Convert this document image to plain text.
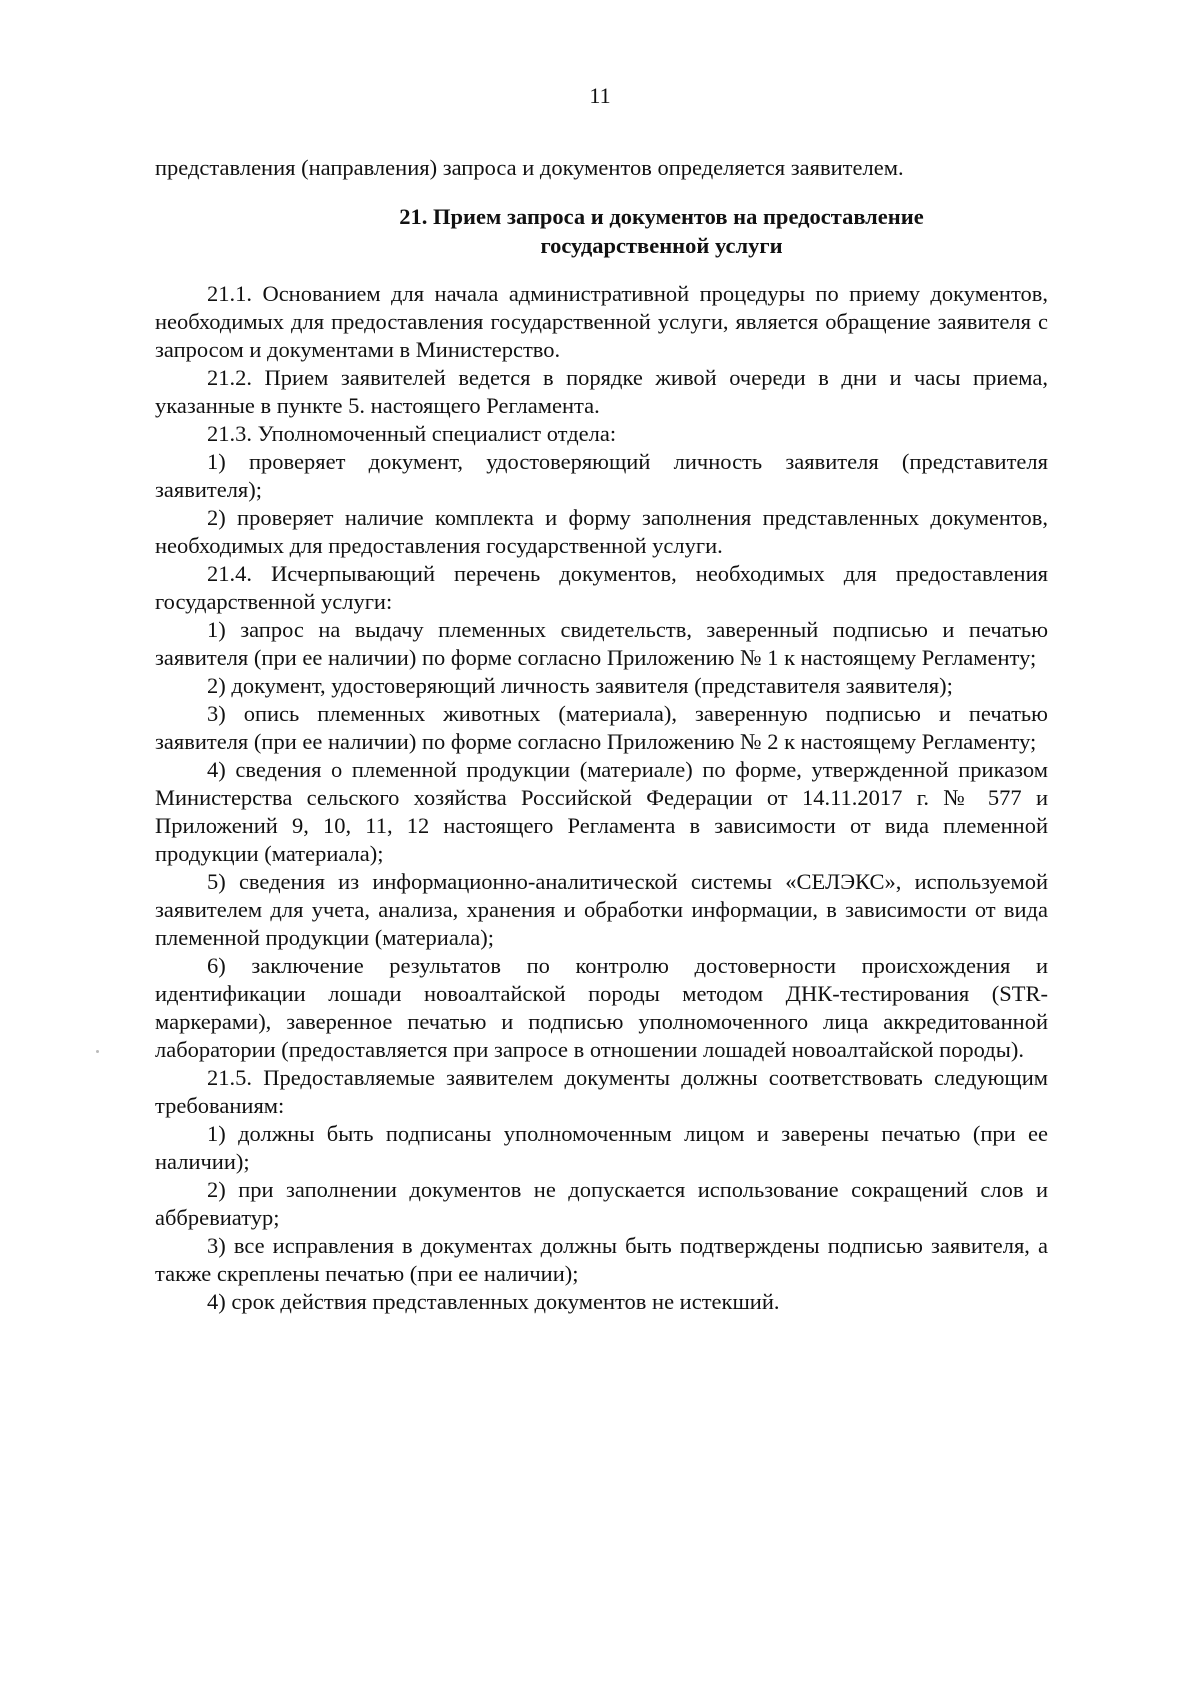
11

представления (направления) запроса и документов определяется заявителем.

21. Прием запроса и документов на предоставление
государственной услуги

21.1. Основанием для начала административной процедуры по приему документов, необходимых для предоставления государственной услуги, является обращение заявителя с запросом и документами в Министерство.

21.2. Прием заявителей ведется в порядке живой очереди в дни и часы приема, указанные в пункте 5. настоящего Регламента.

21.3. Уполномоченный специалист отдела:

1) проверяет документ, удостоверяющий личность заявителя (представителя заявителя);

2) проверяет наличие комплекта и форму заполнения представленных документов, необходимых для предоставления государственной услуги.

21.4. Исчерпывающий перечень документов, необходимых для предоставления государственной услуги:

1) запрос на выдачу племенных свидетельств, заверенный подписью и печатью заявителя (при ее наличии) по форме согласно Приложению № 1 к настоящему Регламенту;

2) документ, удостоверяющий личность заявителя (представителя заявителя);

3) опись племенных животных (материала), заверенную подписью и печатью заявителя (при ее наличии) по форме согласно Приложению № 2 к настоящему Регламенту;

4) сведения о племенной продукции (материале) по форме, утвержденной приказом Министерства сельского хозяйства Российской Федерации от 14.11.2017 г. № 577 и Приложений 9, 10, 11, 12 настоящего Регламента в зависимости от вида племенной продукции (материала);

5) сведения из информационно-аналитической системы «СЕЛЭКС», используемой заявителем для учета, анализа, хранения и обработки информации, в зависимости от вида племенной продукции (материала);

6) заключение результатов по контролю достоверности происхождения и идентификации лошади новоалтайской породы методом ДНК-тестирования (STR-маркерами), заверенное печатью и подписью уполномоченного лица аккредитованной лаборатории (предоставляется при запросе в отношении лошадей новоалтайской породы).

21.5. Предоставляемые заявителем документы должны соответствовать следующим требованиям:

1) должны быть подписаны уполномоченным лицом и заверены печатью (при ее наличии);

2) при заполнении документов не допускается использование сокращений слов и аббревиатур;

3) все исправления в документах должны быть подтверждены подписью заявителя, а также скреплены печатью (при ее наличии);

4) срок действия представленных документов не истекший.
